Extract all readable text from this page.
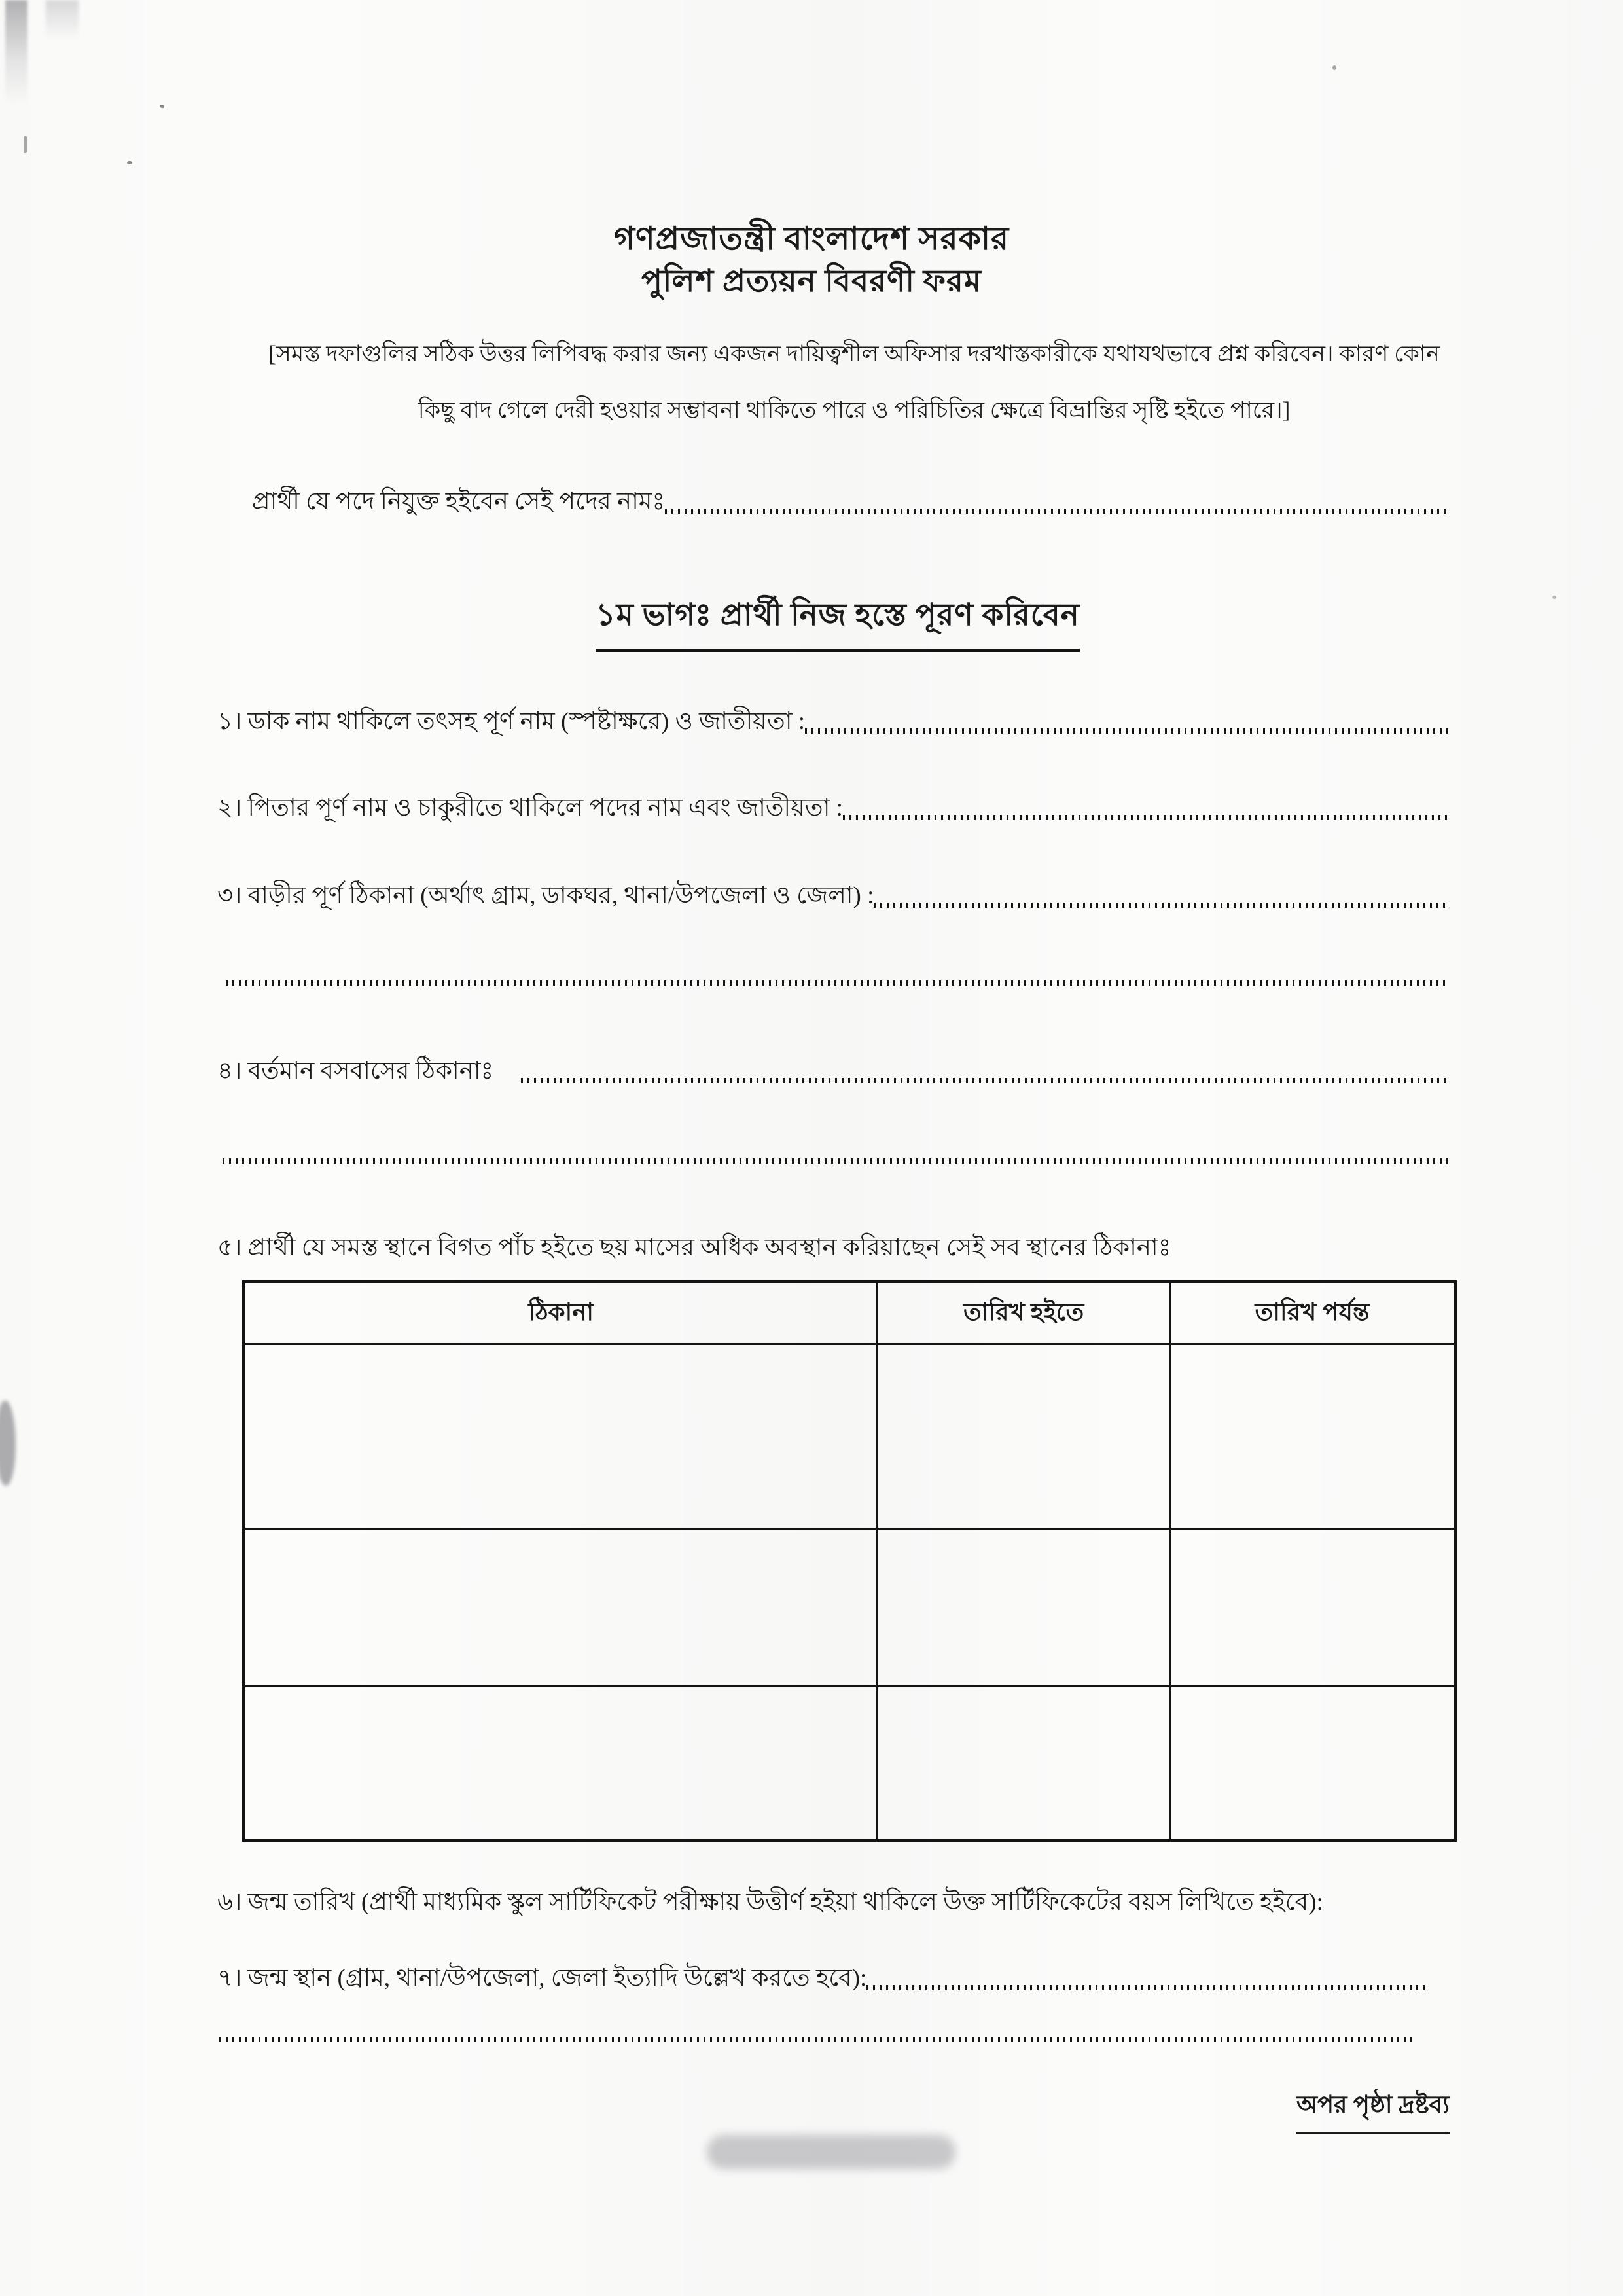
গণপ্রজাতন্ত্রী বাংলাদেশ সরকার
পুলিশ প্রত্যয়ন বিবরণী ফরম
[সমস্ত দফাগুলির সঠিক উত্তর লিপিবদ্ধ করার জন্য একজন দায়িত্বশীল অফিসার দরখাস্তকারীকে যথাযথভাবে প্রশ্ন করিবেন। কারণ কোন
কিছু বাদ গেলে দেরী হওয়ার সম্ভাবনা থাকিতে পারে ও পরিচিতির ক্ষেত্রে বিভ্রান্তির সৃষ্টি হইতে পারে।]
প্রার্থী যে পদে নিযুক্ত হইবেন সেই পদের নামঃ
১ম ভাগঃ প্রার্থী নিজ হস্তে পূরণ করিবেন
১। ডাক নাম থাকিলে তৎসহ পূর্ণ নাম (স্পষ্টাক্ষরে) ও জাতীয়তা :
২। পিতার পূর্ণ নাম ও চাকুরীতে থাকিলে পদের নাম এবং জাতীয়তা :
৩। বাড়ীর পূর্ণ ঠিকানা (অর্থাৎ গ্রাম, ডাকঘর, থানা/উপজেলা ও জেলা) :
৪। বর্তমান বসবাসের ঠিকানাঃ
৫। প্রার্থী যে সমস্ত স্থানে বিগত পাঁচ হইতে ছয় মাসের অধিক অবস্থান করিয়াছেন সেই সব স্থানের ঠিকানাঃ
ঠিকানা	তারিখ হইতে	তারিখ পর্যন্ত
৬। জন্ম তারিখ (প্রার্থী মাধ্যমিক স্কুল সার্টিফিকেট পরীক্ষায় উত্তীর্ণ হইয়া থাকিলে উক্ত সার্টিফিকেটের বয়স লিখিতে হইবে):
৭। জন্ম স্থান (গ্রাম, থানা/উপজেলা, জেলা ইত্যাদি উল্লেখ করতে হবে):
অপর পৃষ্ঠা দ্রষ্টব্য
